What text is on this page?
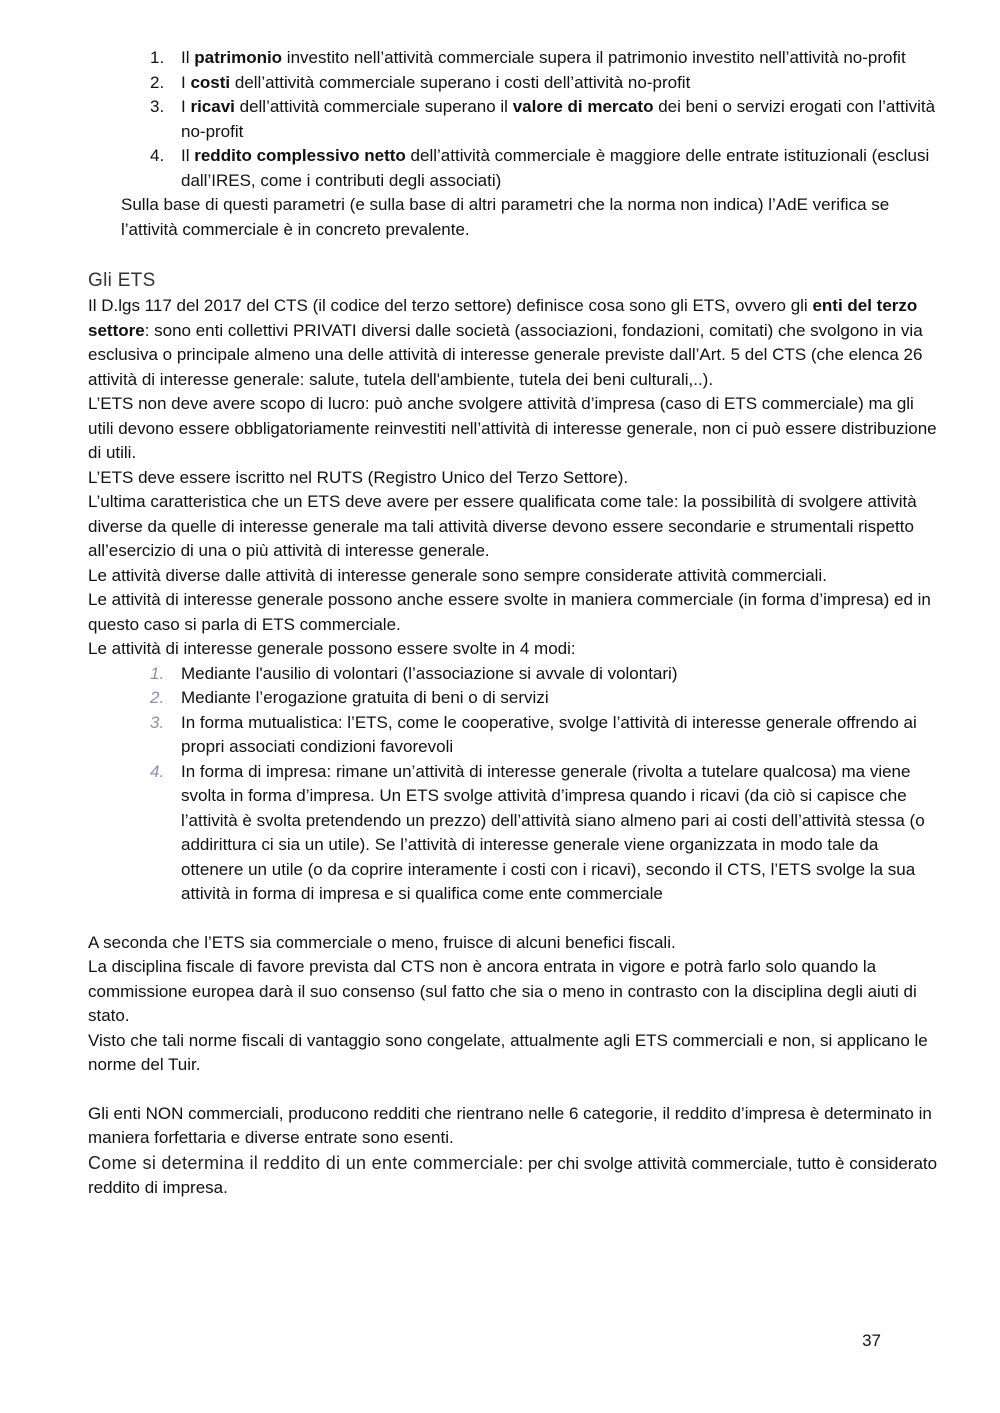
1. Il patrimonio investito nell’attività commerciale supera il patrimonio investito nell’attività no-profit
2. I costi dell’attività commerciale superano i costi dell’attività no-profit
3. I ricavi dell’attività commerciale superano il valore di mercato dei beni o servizi erogati con l’attività no-profit
4. Il reddito complessivo netto dell’attività commerciale è maggiore delle entrate istituzionali (esclusi dall’IRES, come i contributi degli associati)
Sulla base di questi parametri (e sulla base di altri parametri che la norma non indica) l’AdE verifica se l’attività commerciale è in concreto prevalente.
Gli ETS
Il D.lgs 117 del 2017 del CTS (il codice del terzo settore) definisce cosa sono gli ETS, ovvero gli enti del terzo settore: sono enti collettivi PRIVATI diversi dalle società (associazioni, fondazioni, comitati) che svolgono in via esclusiva o principale almeno una delle attività di interesse generale previste dall’Art. 5 del CTS (che elenca 26 attività di interesse generale: salute, tutela dell'ambiente, tutela dei beni culturali,..).
L’ETS non deve avere scopo di lucro: può anche svolgere attività d’impresa (caso di ETS commerciale) ma gli utili devono essere obbligatoriamente reinvestiti nell’attività di interesse generale, non ci può essere distribuzione di utili.
L’ETS deve essere iscritto nel RUTS (Registro Unico del Terzo Settore).
L’ultima caratteristica che un ETS deve avere per essere qualificata come tale: la possibilità di svolgere attività diverse da quelle di interesse generale ma tali attività diverse devono essere secondarie e strumentali rispetto all’esercizio di una o più attività di interesse generale.
Le attività diverse dalle attività di interesse generale sono sempre considerate attività commerciali.
Le attività di interesse generale possono anche essere svolte in maniera commerciale (in forma d’impresa) ed in questo caso si parla di ETS commerciale.
Le attività di interesse generale possono essere svolte in 4 modi:
1. Mediante l'ausilio di volontari (l’associazione si avvale di volontari)
2. Mediante l’erogazione gratuita di beni o di servizi
3. In forma mutualistica: l’ETS, come le cooperative, svolge l’attività di interesse generale offrendo ai propri associati condizioni favorevoli
4. In forma di impresa: rimane un’attività di interesse generale (rivolta a tutelare qualcosa) ma viene svolta in forma d’impresa. Un ETS svolge attività d’impresa quando i ricavi (da ciò si capisce che l’attività è svolta pretendendo un prezzo) dell’attività siano almeno pari ai costi dell’attività stessa (o addirittura ci sia un utile). Se l’attività di interesse generale viene organizzata in modo tale da ottenere un utile (o da coprire interamente i costi con i ricavi), secondo il CTS, l’ETS svolge la sua attività in forma di impresa e si qualifica come ente commerciale
A seconda che l’ETS sia commerciale o meno, fruisce di alcuni benefici fiscali.
La disciplina fiscale di favore prevista dal CTS non è ancora entrata in vigore e potrà farlo solo quando la commissione europea darà il suo consenso (sul fatto che sia o meno in contrasto con la disciplina degli aiuti di stato.
Visto che tali norme fiscali di vantaggio sono congelate, attualmente agli ETS commerciali e non, si applicano le norme del Tuir.
Gli enti NON commerciali, producono redditi che rientrano nelle 6 categorie, il reddito d’impresa è determinato in maniera forfettaria e diverse entrate sono esenti.
Come si determina il reddito di un ente commerciale: per chi svolge attività commerciale, tutto è considerato reddito di impresa.
37
